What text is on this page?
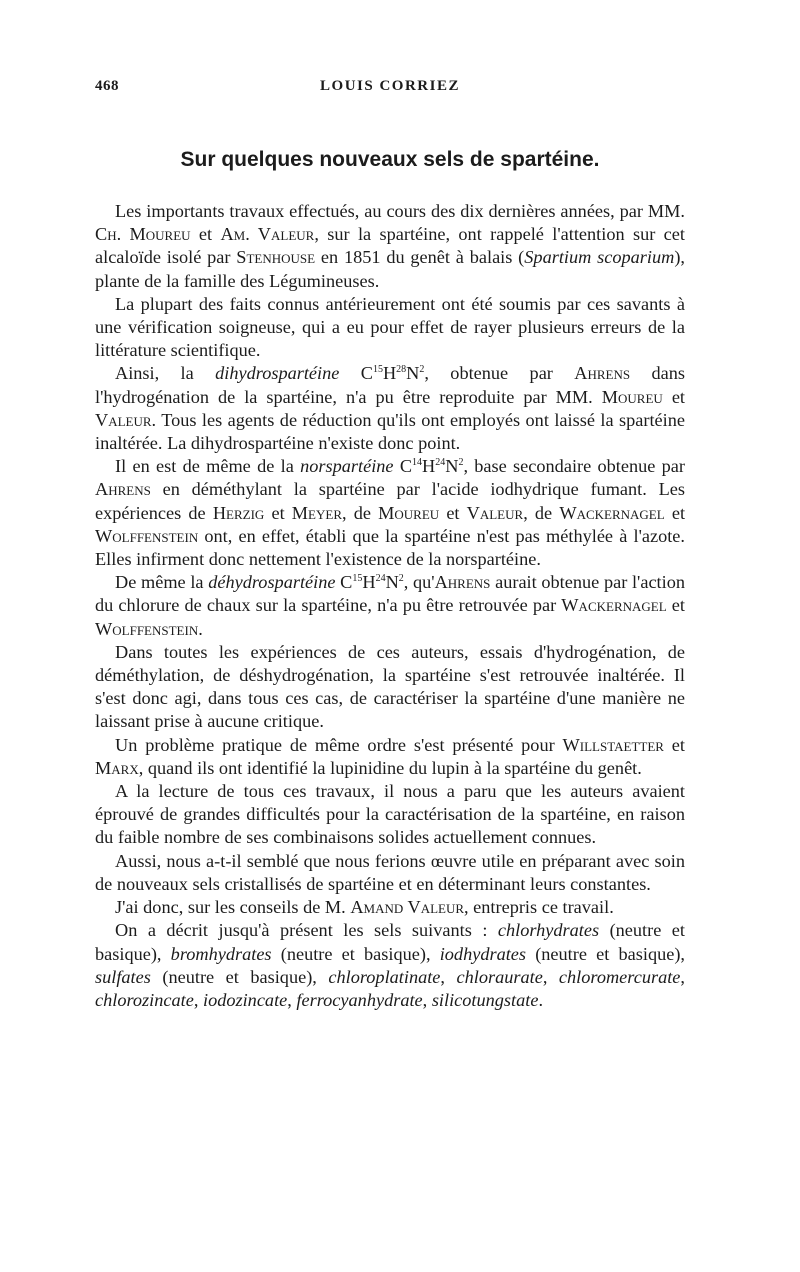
468	LOUIS CORRIEZ
Sur quelques nouveaux sels de spartéine.

Les importants travaux effectués, au cours des dix dernières années, par MM. Ch. Moureu et Am. Valeur, sur la spartéine, ont rappelé l'attention sur cet alcaloïde isolé par Stenhouse en 1851 du genêt à balais (Spartium scoparium), plante de la famille des Légumineuses.

La plupart des faits connus antérieurement ont été soumis par ces savants à une vérification soigneuse, qui a eu pour effet de rayer plusieurs erreurs de la littérature scientifique.

Ainsi, la dihydrospartéine $C^{15}H^{28}N^2$, obtenue par Ahrens dans l'hydrogénation de la spartéine, n'a pu être reproduite par MM. Moureu et Valeur. Tous les agents de réduction qu'ils ont employés ont laissé la spartéine inaltérée. La dihydrospartéine n'existe donc point.

Il en est de même de la norspartéine $C^{14}H^{24}N^2$, base secondaire obtenue par Ahrens en déméthylant la spartéine par l'acide iodhydrique fumant. Les expériences de Herzig et Meyer, de Moureu et Valeur, de Wackernagel et Wolffenstein ont, en effet, établi que la spartéine n'est pas méthylée à l'azote. Elles infirment donc nettement l'existence de la norspartéine.

De même la déhydrospartéine $C^{15}H^{24}N^2$, qu'Ahrens aurait obtenue par l'action du chlorure de chaux sur la spartéine, n'a pu être retrouvée par Wackernagel et Wolffenstein.

Dans toutes les expériences de ces auteurs, essais d'hydrogénation, de déméthylation, de déshydrogénation, la spartéine s'est retrouvée inaltérée. Il s'est donc agi, dans tous ces cas, de caractériser la spartéine d'une manière ne laissant prise à aucune critique.

Un problème pratique de même ordre s'est présenté pour Willstaetter et Marx, quand ils ont identifié la lupinidine du lupin à la spartéine du genêt.

A la lecture de tous ces travaux, il nous a paru que les auteurs avaient éprouvé de grandes difficultés pour la caractérisation de la spartéine, en raison du faible nombre de ses combinaisons solides actuellement connues.

Aussi, nous a-t-il semblé que nous ferions œuvre utile en préparant avec soin de nouveaux sels cristallisés de spartéine et en déterminant leurs constantes.

J'ai donc, sur les conseils de M. Amand Valeur, entrepris ce travail.

On a décrit jusqu'à présent les sels suivants : chlorhydrates (neutre et basique), bromhydrates (neutre et basique), iodhydrates (neutre et basique), sulfates (neutre et basique), chloroplatinate, chloraurate, chloromercurate, chlorozincate, iodozincate, ferrocyanhydrate, silicotungstate.
